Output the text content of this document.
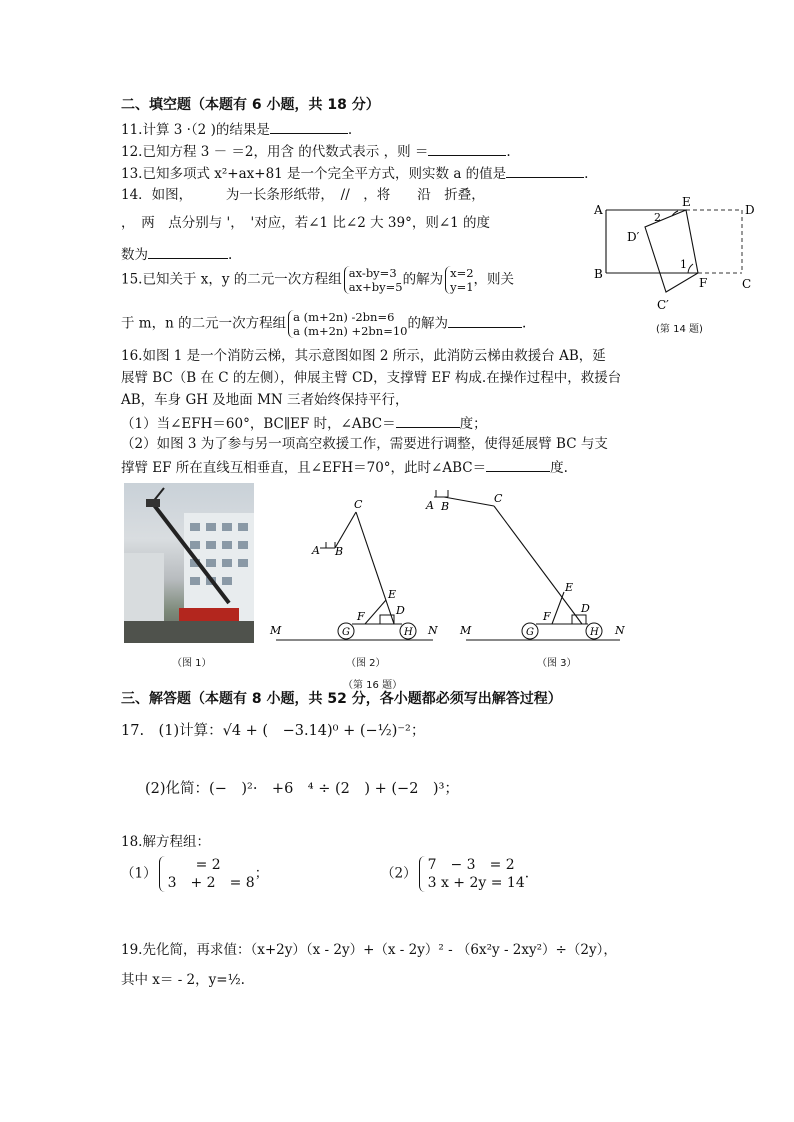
二、填空题（本题有 6 小题，共 18 分）
11.计算 3 ·（2 )的结果是	.
12.已知方程 3 － ＝2，用含 的代数式表示 ，则 ＝	.
13.已知多项式 x²+ax+81 是一个完全平方式，则实数 a 的值是	.
14．如图，　　　为一长条形纸带，　//　，将　　沿　折叠，
，　两　点分别与 '，　'对应，若∠1 比∠2 大 39°，则∠1 的度
数为	.
15.已知关于 x，y 的二元一次方程组 ax-by=3
ax+by=5的解为 x=2
y=1，则关
于 m，n 的二元一次方程组 a (m+2n) -2bn=6
a (m+2n) +2bn=10的解为	.
A	D
B
C
E
F
D′
C′
1
2
(第 14 题)
16.如图 1 是一个消防云梯，其示意图如图 2 所示，此消防云梯由救援台 AB，延
展臂 BC（B 在 C 的左侧），伸展主臂 CD，支撑臂 EF 构成.在操作过程中，救援台
AB，车身 GH 及地面 MN 三者始终保持平行，
（1）当∠EFH＝60°，BC∥EF 时，∠ABC＝	度；
（2）如图 3 为了参与另一项高空救援工作，需要进行调整，使得延展臂 BC 与支
撑臂 EF 所在直线互相垂直，且∠EFH＝70°，此时∠ABC＝	度.
C
A B
E
D
F
G	H
M	N
C
A B
E
D
F
G	H
M	N
（图 1）	（图 2）	（图 3）
（第 16 题）
三、解答题（本题有 8 小题，共 52 分，各小题都必须写出解答过程）
17.　(1)计算：√4 + (　−3.14)⁰ + (−½)⁻²；
(2)化简：(−　)²·　+6　⁴ ÷ (2　) + (−2　)³；
18.解方程组：
（1）　　= 2
3　+ 2　= 8；	（2）7　− 3　= 2
3 x + 2y = 14.
19.先化简，再求值：（x+2y）（x - 2y）+（x - 2y）² - （6x²y - 2xy²）÷（2y），
其中 x＝ - 2，y=½.
